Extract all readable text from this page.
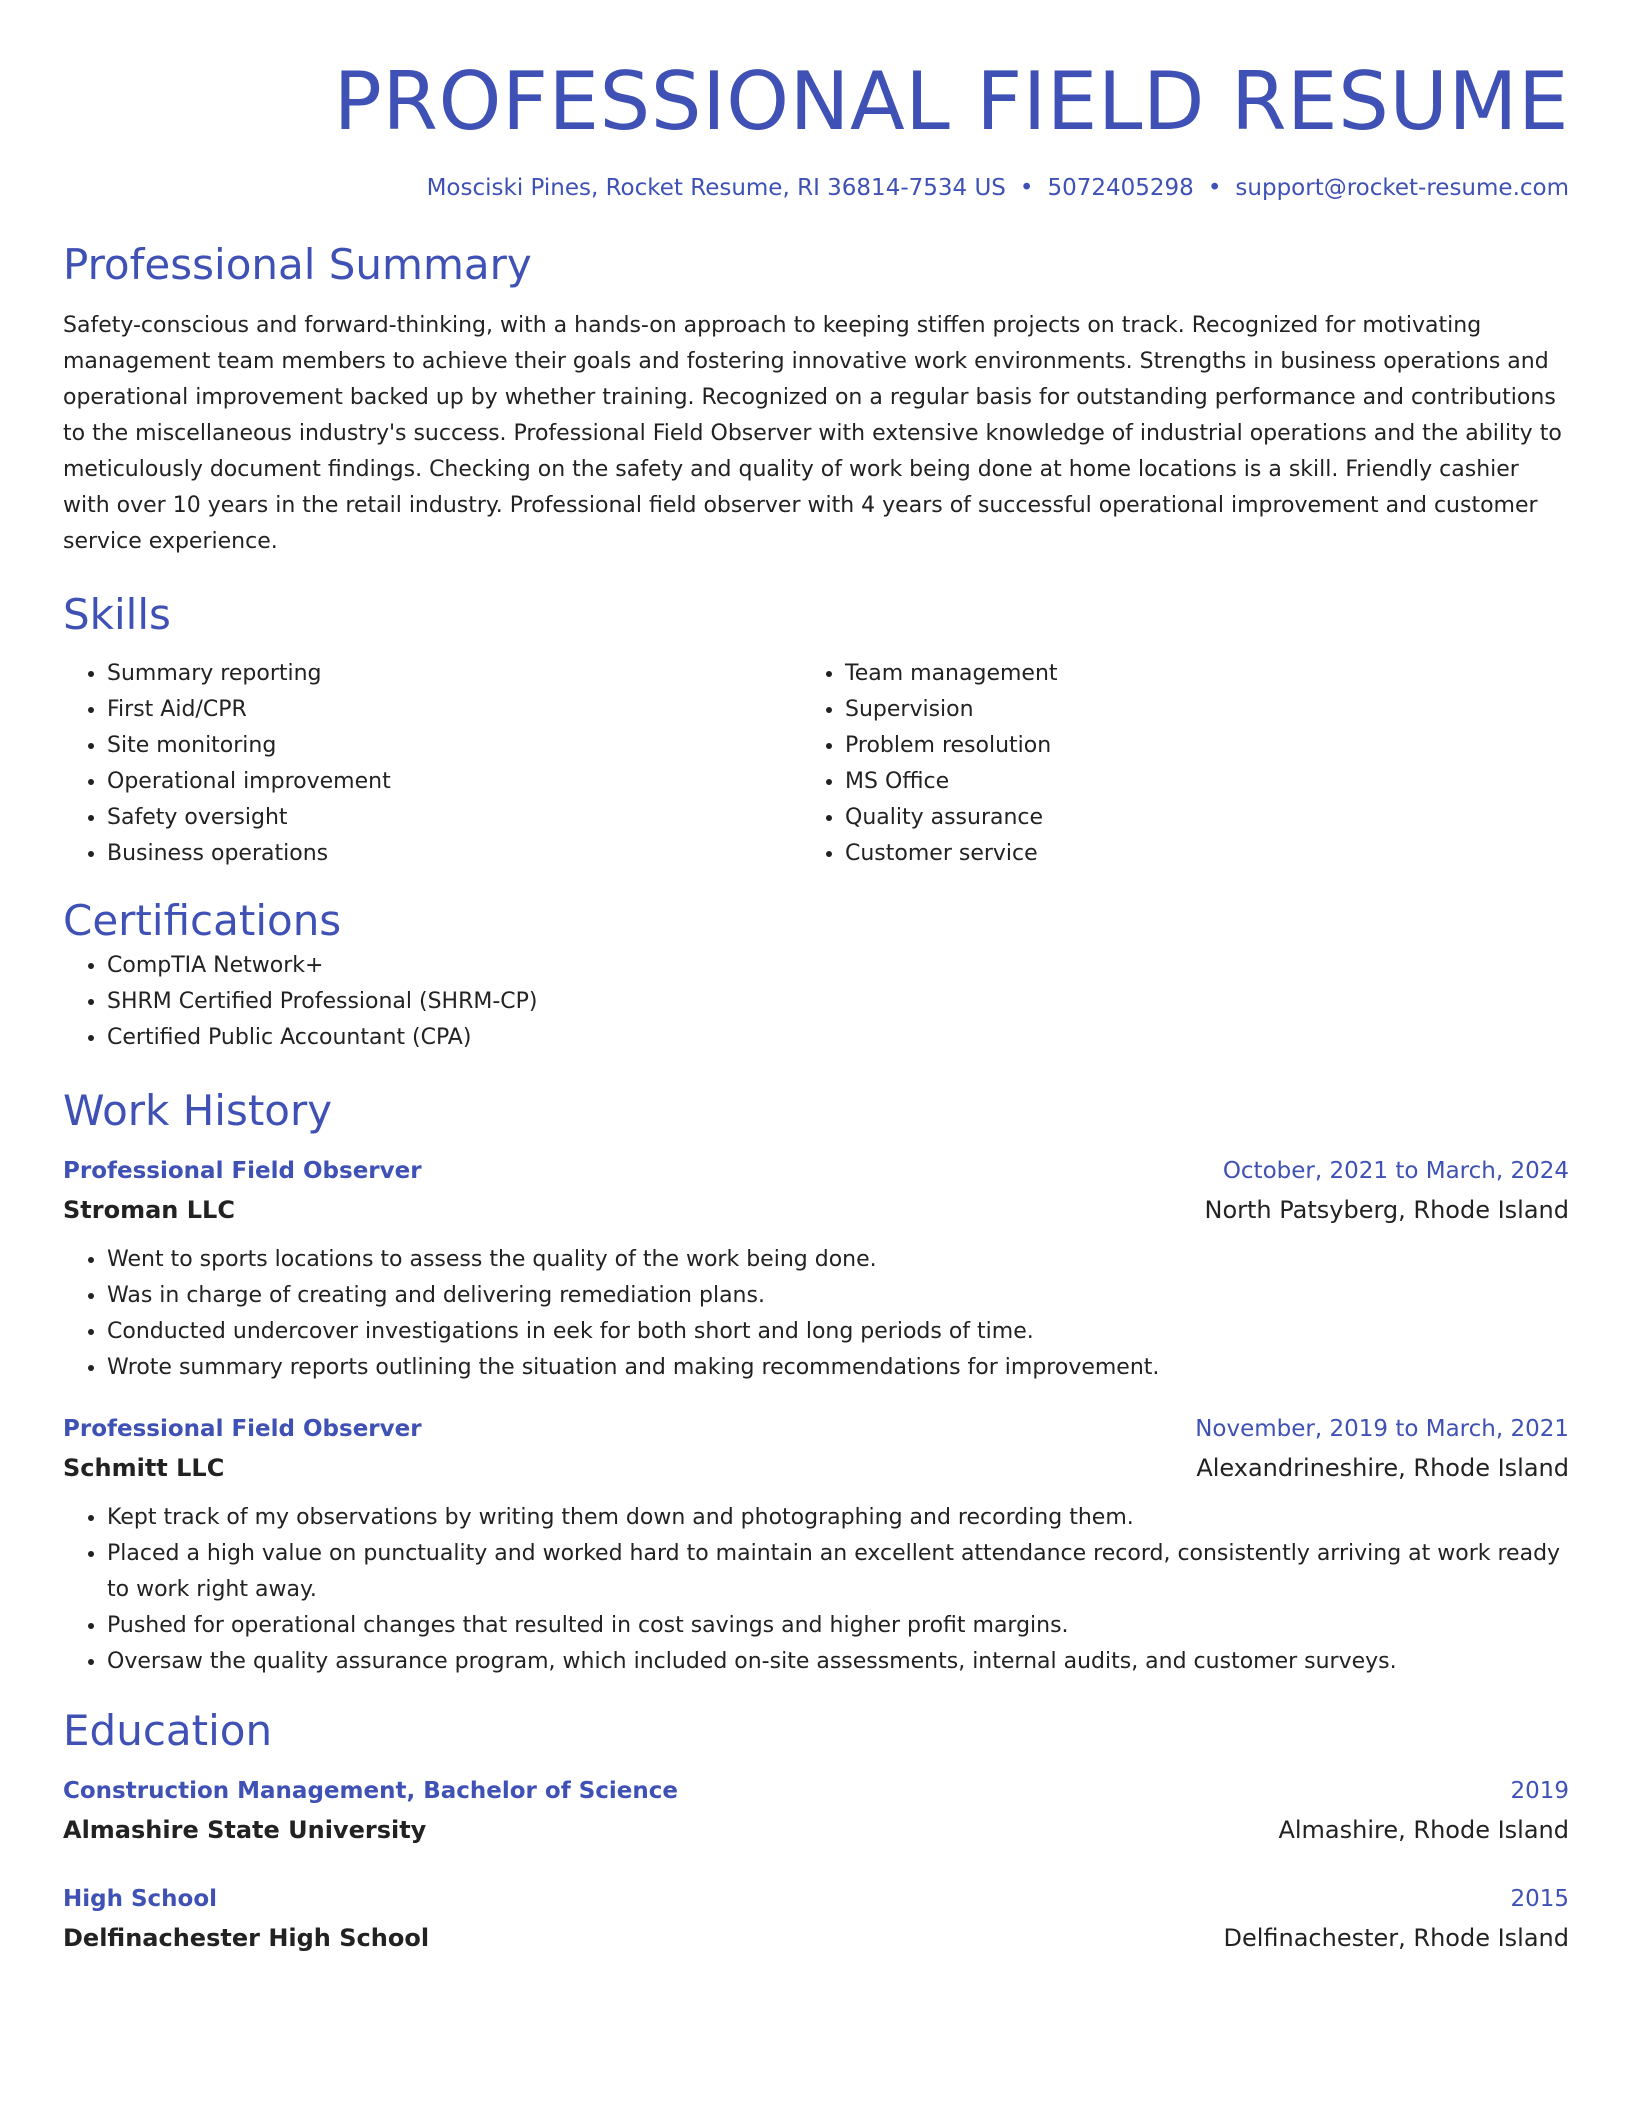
PROFESSIONAL FIELD RESUME
Mosciski Pines, Rocket Resume, RI 36814-7534 US • 5072405298 • support@rocket-resume.com
Professional Summary
Safety-conscious and forward-thinking, with a hands-on approach to keeping stiffen projects on track. Recognized for motivating management team members to achieve their goals and fostering innovative work environments. Strengths in business operations and operational improvement backed up by whether training. Recognized on a regular basis for outstanding performance and contributions to the miscellaneous industry's success. Professional Field Observer with extensive knowledge of industrial operations and the ability to meticulously document findings. Checking on the safety and quality of work being done at home locations is a skill. Friendly cashier with over 10 years in the retail industry. Professional field observer with 4 years of successful operational improvement and customer service experience.
Skills
• Summary reporting
• First Aid/CPR
• Site monitoring
• Operational improvement
• Safety oversight
• Business operations
• Team management
• Supervision
• Problem resolution
• MS Office
• Quality assurance
• Customer service
Certifications
• CompTIA Network+
• SHRM Certified Professional (SHRM-CP)
• Certified Public Accountant (CPA)
Work History
Professional Field Observer	October, 2021 to March, 2024
Stroman LLC	North Patsyberg, Rhode Island
• Went to sports locations to assess the quality of the work being done.
• Was in charge of creating and delivering remediation plans.
• Conducted undercover investigations in eek for both short and long periods of time.
• Wrote summary reports outlining the situation and making recommendations for improvement.
Professional Field Observer	November, 2019 to March, 2021
Schmitt LLC	Alexandrineshire, Rhode Island
• Kept track of my observations by writing them down and photographing and recording them.
• Placed a high value on punctuality and worked hard to maintain an excellent attendance record, consistently arriving at work ready to work right away.
• Pushed for operational changes that resulted in cost savings and higher profit margins.
• Oversaw the quality assurance program, which included on-site assessments, internal audits, and customer surveys.
Education
Construction Management, Bachelor of Science	2019
Almashire State University	Almashire, Rhode Island
High School	2015
Delfinachester High School	Delfinachester, Rhode Island
